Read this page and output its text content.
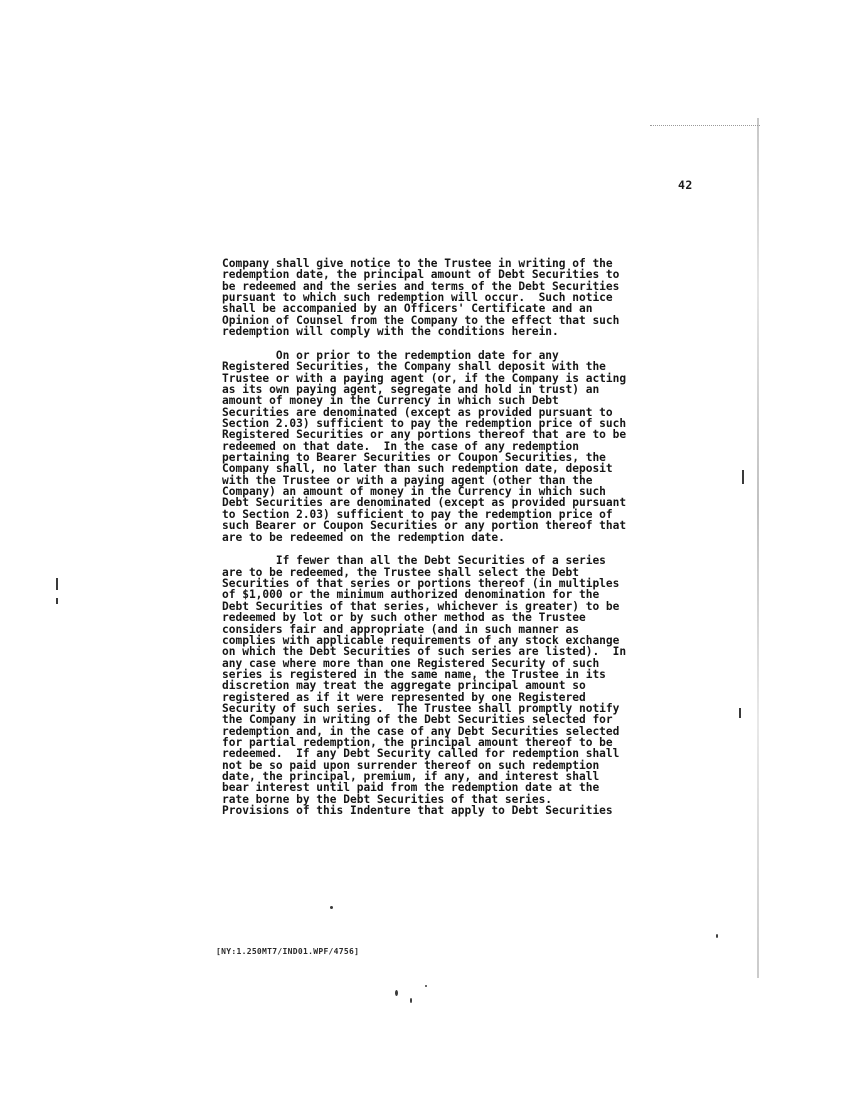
42
Company shall give notice to the Trustee in writing of the
redemption date, the principal amount of Debt Securities to
be redeemed and the series and terms of the Debt Securities
pursuant to which such redemption will occur.  Such notice
shall be accompanied by an Officers' Certificate and an
Opinion of Counsel from the Company to the effect that such
redemption will comply with the conditions herein.
On or prior to the redemption date for any
Registered Securities, the Company shall deposit with the
Trustee or with a paying agent (or, if the Company is acting
as its own paying agent, segregate and hold in trust) an
amount of money in the Currency in which such Debt
Securities are denominated (except as provided pursuant to
Section 2.03) sufficient to pay the redemption price of such
Registered Securities or any portions thereof that are to be
redeemed on that date.  In the case of any redemption
pertaining to Bearer Securities or Coupon Securities, the
Company shall, no later than such redemption date, deposit
with the Trustee or with a paying agent (other than the
Company) an amount of money in the Currency in which such
Debt Securities are denominated (except as provided pursuant
to Section 2.03) sufficient to pay the redemption price of
such Bearer or Coupon Securities or any portion thereof that
are to be redeemed on the redemption date.
If fewer than all the Debt Securities of a series
are to be redeemed, the Trustee shall select the Debt
Securities of that series or portions thereof (in multiples
of $1,000 or the minimum authorized denomination for the
Debt Securities of that series, whichever is greater) to be
redeemed by lot or by such other method as the Trustee
considers fair and appropriate (and in such manner as
complies with applicable requirements of any stock exchange
on which the Debt Securities of such series are listed).  In
any case where more than one Registered Security of such
series is registered in the same name, the Trustee in its
discretion may treat the aggregate principal amount so
registered as if it were represented by one Registered
Security of such series.  The Trustee shall promptly notify
the Company in writing of the Debt Securities selected for
redemption and, in the case of any Debt Securities selected
for partial redemption, the principal amount thereof to be
redeemed.  If any Debt Security called for redemption shall
not be so paid upon surrender thereof on such redemption
date, the principal, premium, if any, and interest shall
bear interest until paid from the redemption date at the
rate borne by the Debt Securities of that series.
Provisions of this Indenture that apply to Debt Securities
[NY:1.250MT7/IND01.WPF/4756]
